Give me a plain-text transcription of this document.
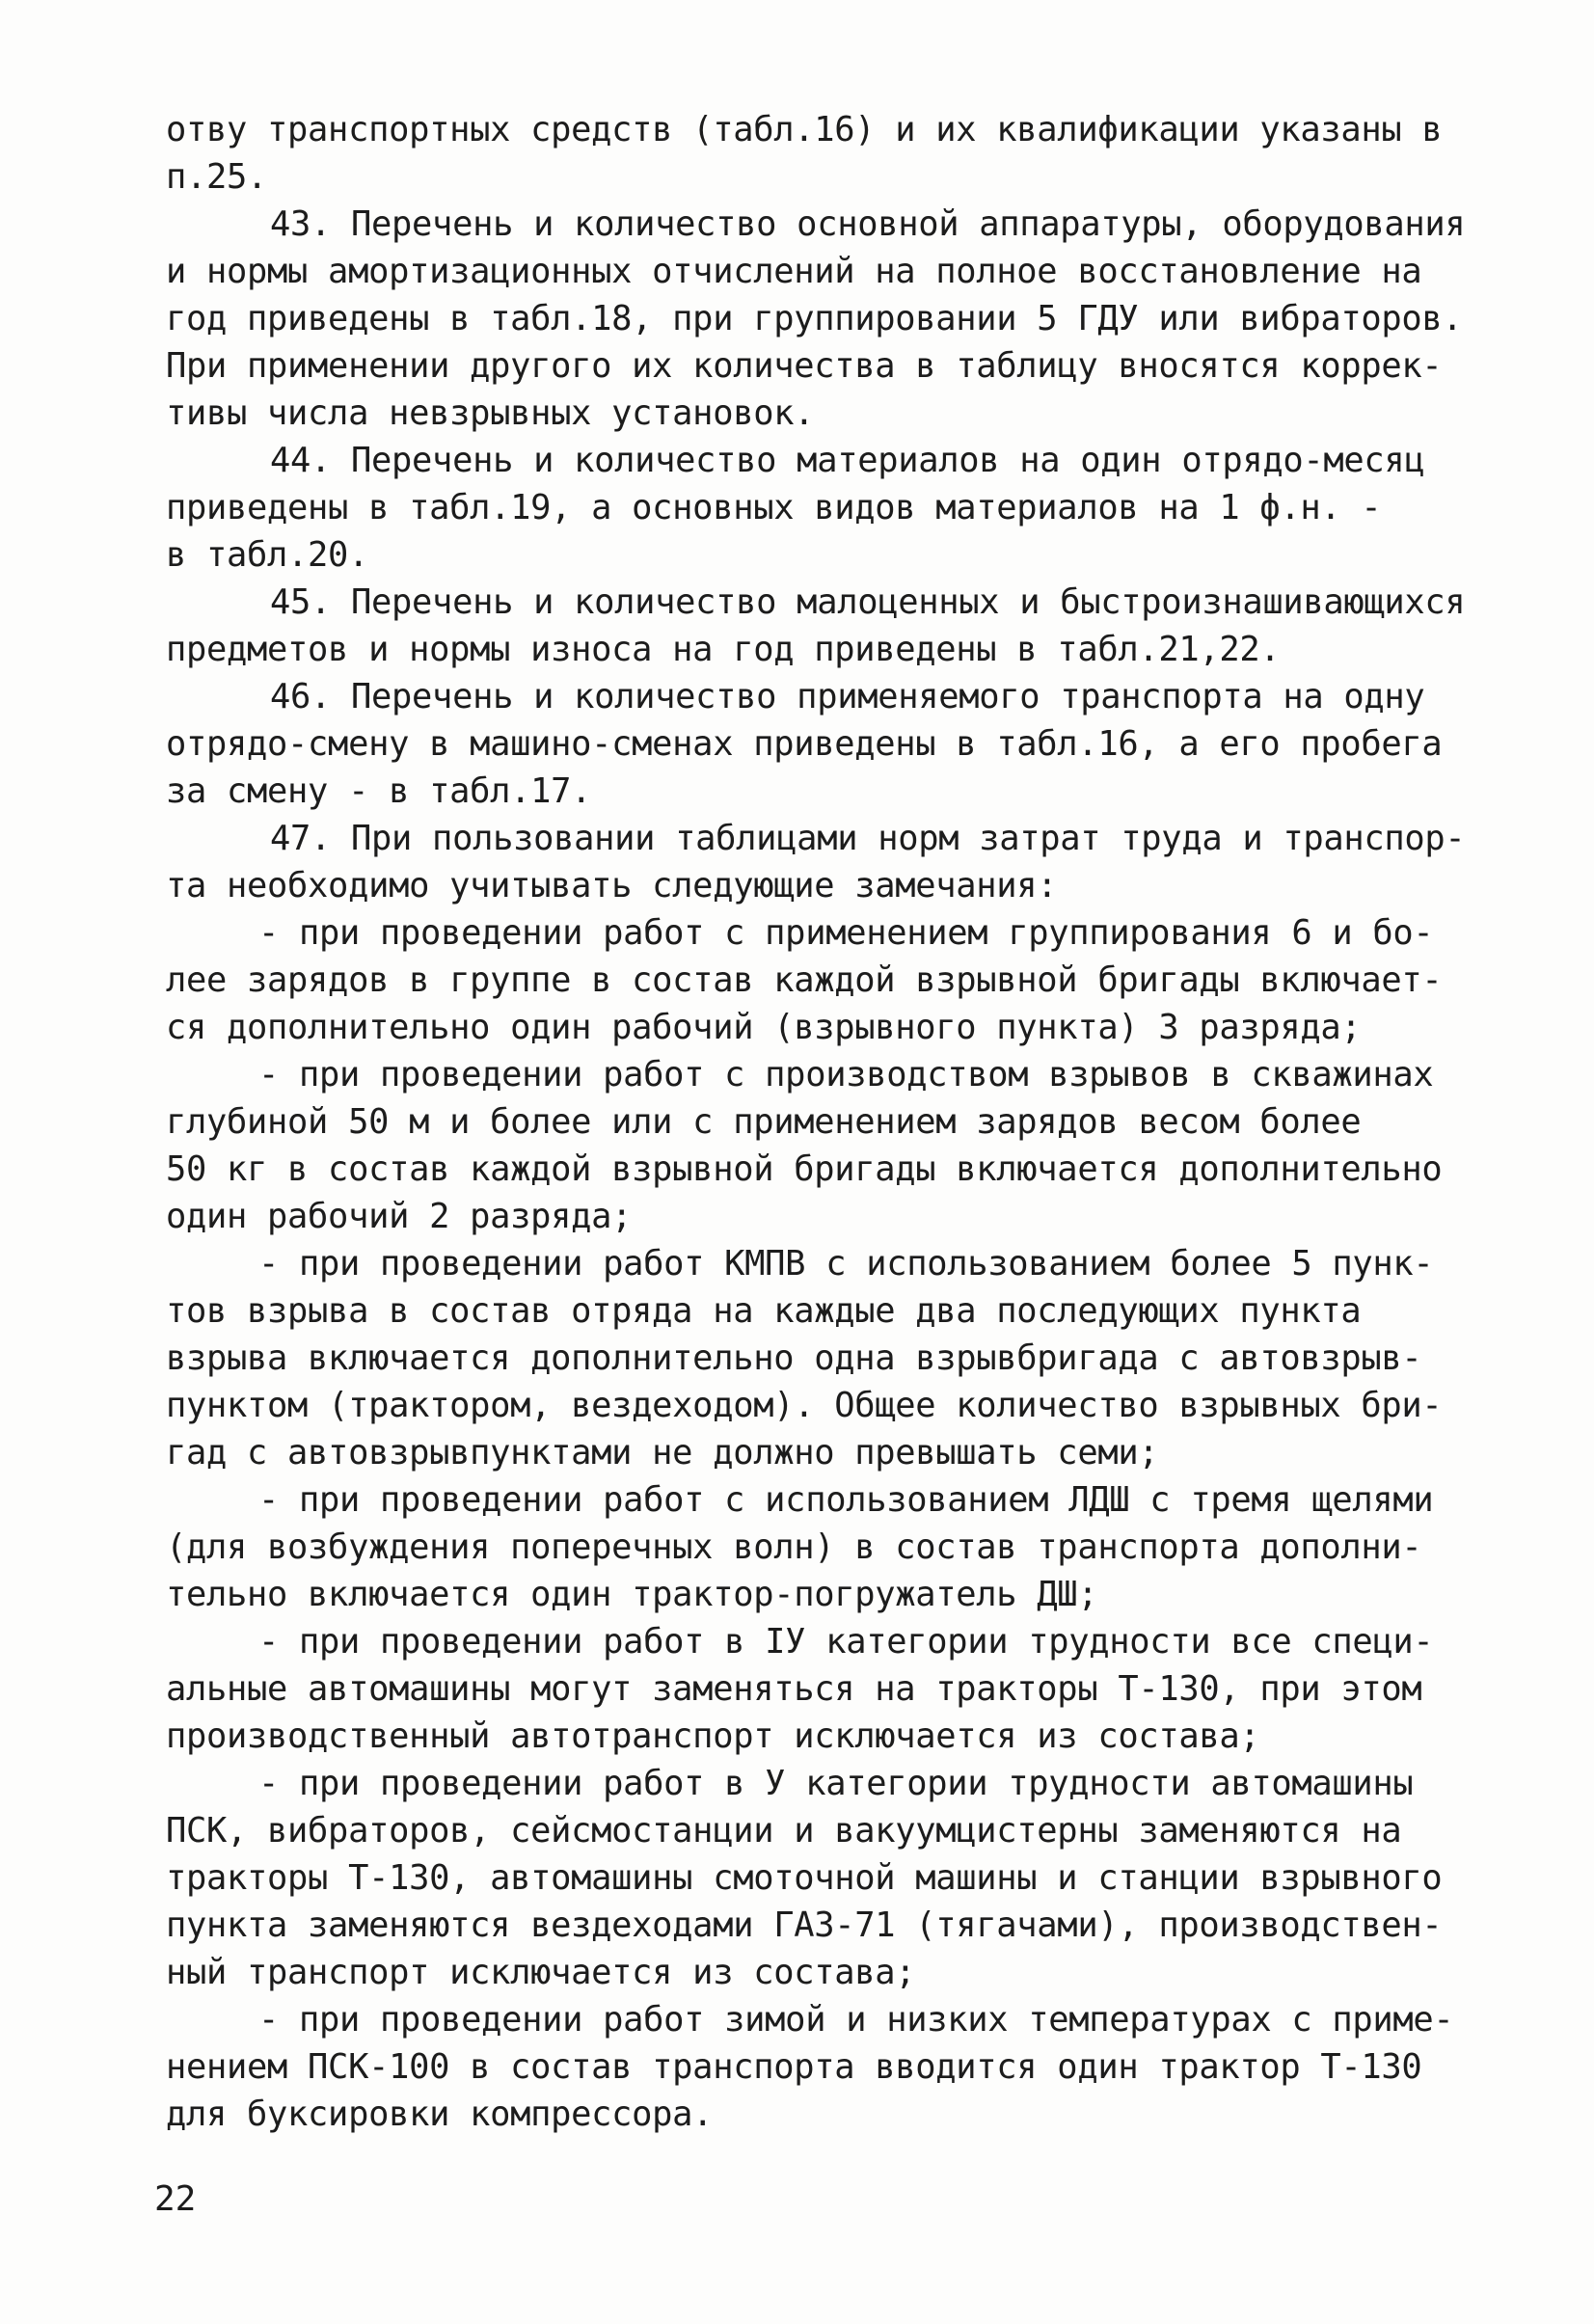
отву транспортных средств (табл.16) и их квалификации указаны в

п.25.

43. Перечень и количество основной аппаратуры, оборудования

и нормы амортизационных отчислений на полное восстановление на

год приведены в табл.18, при группировании 5 ГДУ или вибраторов.

При применении другого их количества в таблицу вносятся коррек-

тивы числа невзрывных установок.

44. Перечень и количество материалов на один отрядо-месяц

приведены в табл.19, а основных видов материалов на 1 ф.н. -

в табл.20.

45. Перечень и количество малоценных и быстроизнашивающихся

предметов и нормы износа на год приведены в табл.21,22.

46. Перечень и количество применяемого транспорта на одну

отрядо-смену в машино-сменах приведены в табл.16, а его пробега

за смену - в табл.17.

47. При пользовании таблицами норм затрат труда и транспор-

та необходимо учитывать следующие замечания:

- при проведении работ с применением группирования 6 и бо-

лее зарядов в группе в состав каждой взрывной бригады включает-

ся дополнительно один рабочий (взрывного пункта) 3 разряда;

- при проведении работ с производством взрывов в скважинах

глубиной 50 м и более или с применением зарядов весом более

50 кг в состав каждой взрывной бригады включается дополнительно

один рабочий 2 разряда;

- при проведении работ КМПВ с использованием более 5 пунк-

тов взрыва в состав отряда на каждые два последующих пункта

взрыва включается дополнительно одна взрывбригада с автовзрыв-

пунктом (трактором, вездеходом). Общее количество взрывных бри-

гад с автовзрывпунктами не должно превышать семи;

- при проведении работ с использованием ЛДШ с тремя щелями

(для возбуждения поперечных волн) в состав транспорта дополни-

тельно включается один трактор-погружатель ДШ;

- при проведении работ в IУ категории трудности все специ-

альные автомашины могут заменяться на тракторы Т-130, при этом

производственный автотранспорт исключается из состава;

- при проведении работ в У категории трудности автомашины

ПСК, вибраторов, сейсмостанции и вакуумцистерны заменяются на

тракторы Т-130, автомашины смоточной машины и станции взрывного

пункта заменяются вездеходами ГАЗ-71 (тягачами), производствен-

ный транспорт исключается из состава;

- при проведении работ зимой и низких температурах с приме-

нением ПСК-100 в состав транспорта вводится один трактор Т-130

для буксировки компрессора.

22
